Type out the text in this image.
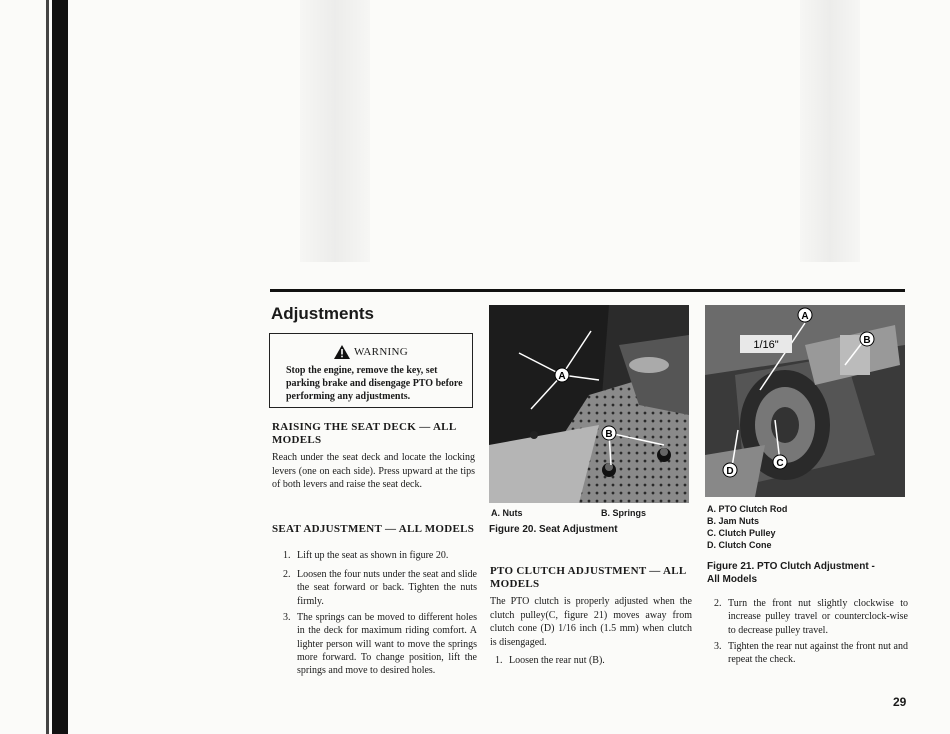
Adjustments
WARNING
Stop the engine, remove the key, set parking brake and disengage PTO before performing any adjustments.
RAISING THE SEAT DECK — ALL MODELS
Reach under the seat deck and locate the locking levers (one on each side). Press upward at the tips of both levers and raise the seat deck.
SEAT ADJUSTMENT — ALL MODELS
1. Lift up the seat as shown in figure 20.
2. Loosen the four nuts under the seat and slide the seat forward or back. Tighten the nuts firmly.
3. The springs can be moved to different holes in the deck for maximum riding comfort. A lighter person will want to move the springs more forward. To change position, lift the springs and move to desired holes.
A
B
A. Nuts	B. Springs
Figure 20. Seat Adjustment
PTO CLUTCH ADJUSTMENT — ALL MODELS
The PTO clutch is properly adjusted when the clutch pulley(C, figure 21) moves away from clutch cone (D) 1/16 inch (1.5 mm) when clutch is disengaged.
1. Loosen the rear nut (B).
1/16"
A
B
C
D
A. PTO Clutch Rod
B. Jam Nuts
C. Clutch Pulley
D. Clutch Cone
Figure 21. PTO Clutch Adjustment -
All Models
2. Turn the front nut slightly clockwise to increase pulley travel or counterclock-wise to decrease pulley travel.
3. Tighten the rear nut against the front nut and repeat the check.
29
